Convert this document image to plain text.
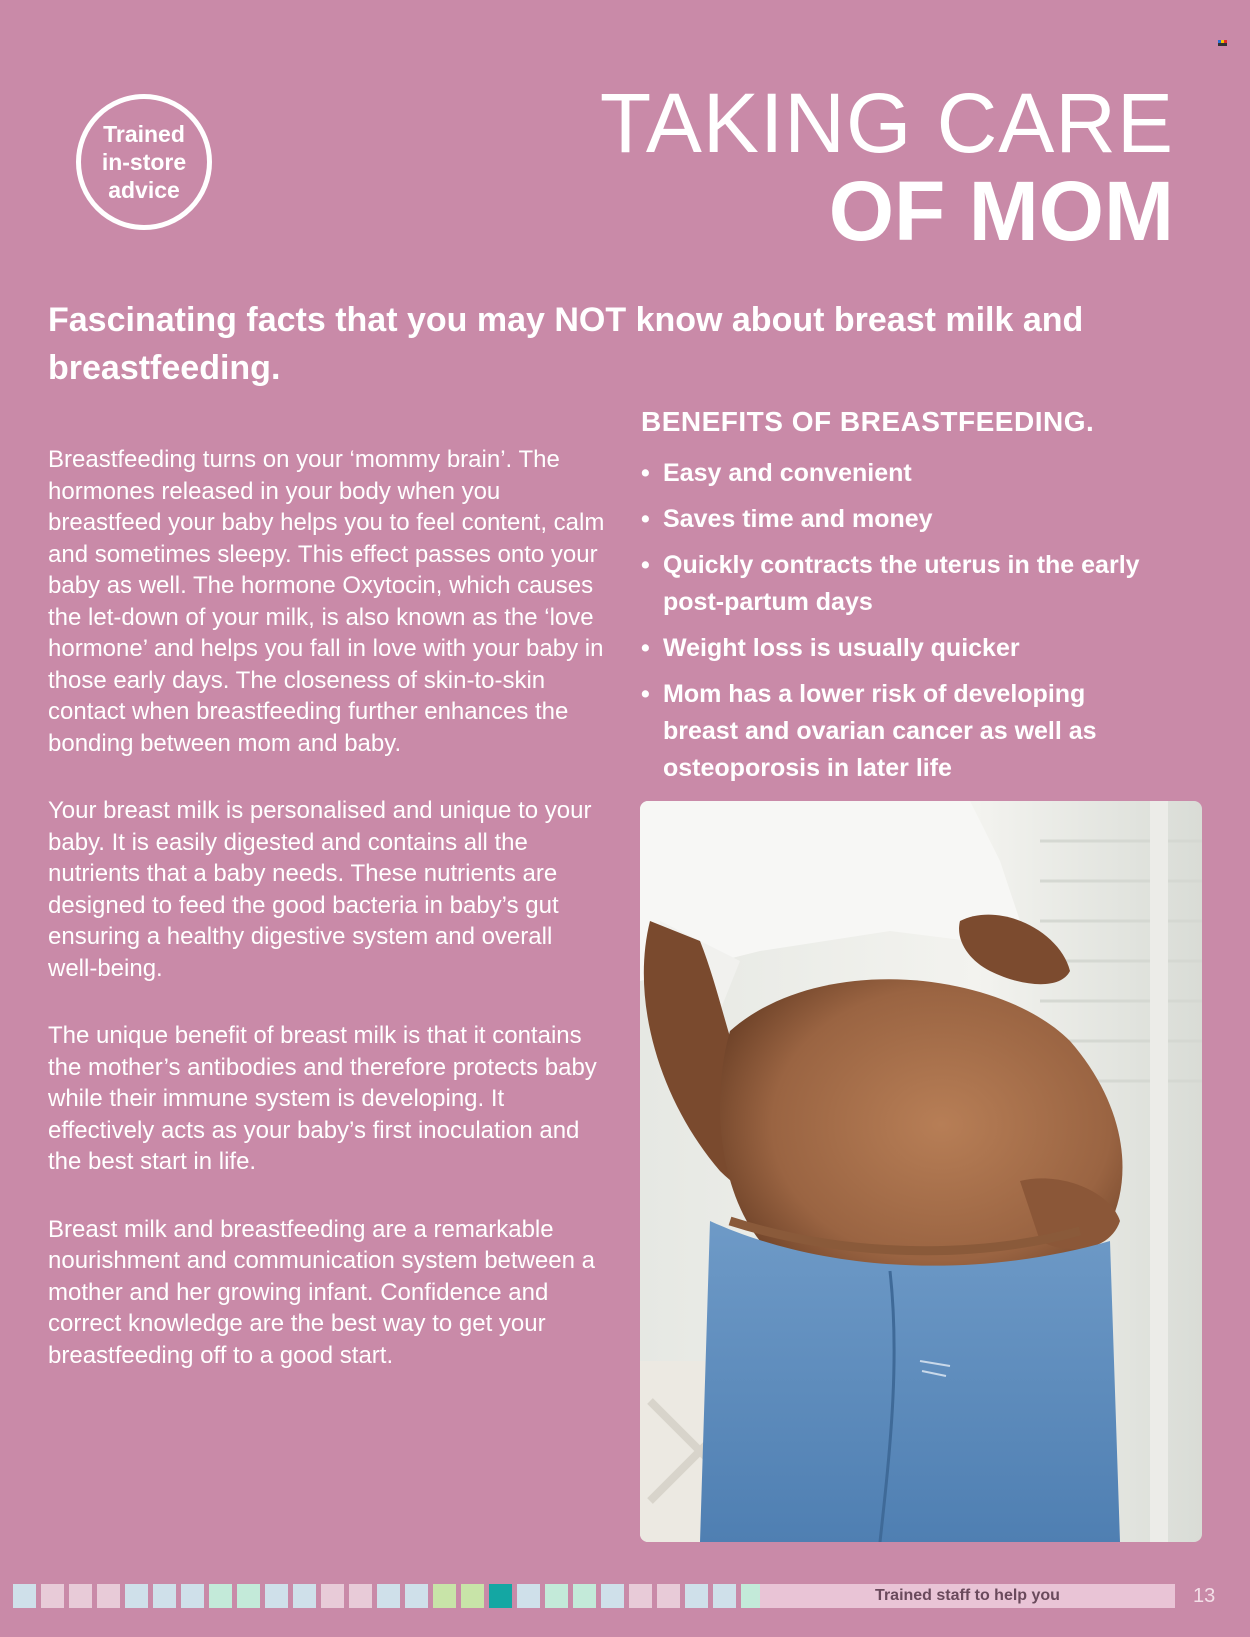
Trained
in-store
advice
TAKING CARE
OF MOM
Fascinating facts that you may NOT know about breast milk and breastfeeding.

Breastfeeding turns on your ‘mommy brain’. The hormones released in your body when you breastfeed your baby helps you to feel content, calm and sometimes sleepy. This effect passes onto your baby as well. The hormone Oxytocin, which causes the let-down of your milk, is also known as the ‘love hormone’ and helps you fall in love with your baby in those early days. The closeness of skin-to-skin contact when breastfeeding further enhances the bonding between mom and baby.

Your breast milk is personalised and unique to your baby. It is easily digested and contains all the nutrients that a baby needs. These nutrients are designed to feed the good bacteria in baby’s gut ensuring a healthy digestive system and overall well-being.

The unique benefit of breast milk is that it contains the mother’s antibodies and therefore protects baby while their immune system is developing. It effectively acts as your baby’s first inoculation and the best start in life.

Breast milk and breastfeeding are a remarkable nourishment and communication system between a mother and her growing infant. Confidence and correct knowledge are the best way to get your breastfeeding off to a good start.

BENEFITS OF BREASTFEEDING.
• Easy and convenient
• Saves time and money
• Quickly contracts the uterus in the early post-partum days
• Weight loss is usually quicker
• Mom has a lower risk of developing breast and ovarian cancer as well as osteoporosis in later life
Trained staff to help you	13
